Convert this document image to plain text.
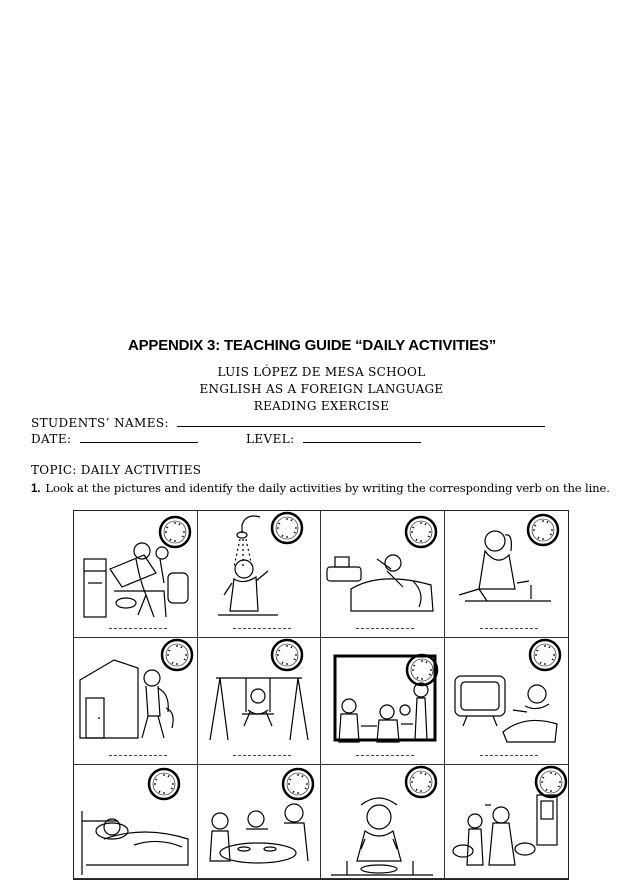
APPENDIX 3: TEACHING GUIDE “DAILY ACTIVITIES”
LUIS LÓPEZ DE MESA SCHOOL
ENGLISH AS A FOREIGN LANGUAGE
READING EXERCISE
STUDENTS’ NAMES:
DATE:	LEVEL:
TOPIC: DAILY ACTIVITIES
1. Look at the pictures and identify the daily activities by writing the corresponding verb on the line.
